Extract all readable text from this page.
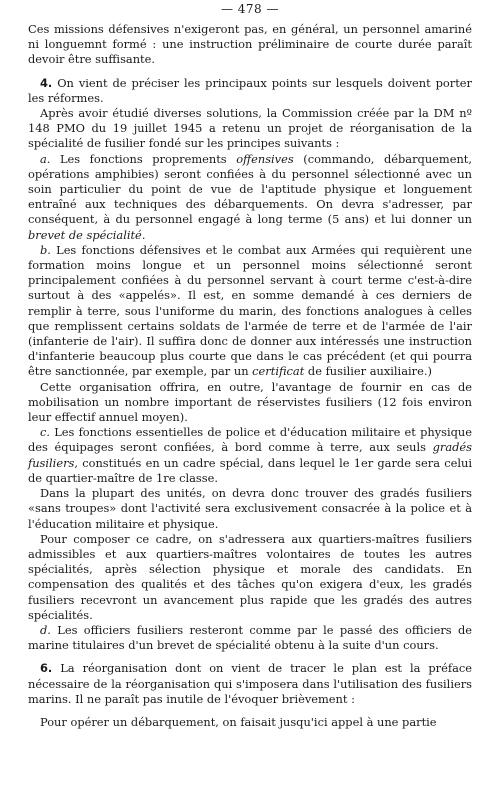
— 478 —

Ces missions défensives n'exigeront pas, en général, un personnel amariné ni longuemnt formé : une instruction préliminaire de courte durée paraît devoir être suffisante.

4. On vient de préciser les principaux points sur lesquels doivent porter les réformes.

Après avoir étudié diverses solutions, la Commission créée par la DM nº 148 PMO du 19 juillet 1945 a retenu un projet de réorganisation de la spécialité de fusilier fondé sur les principes suivants :

a. Les fonctions proprements offensives (commando, débarquement, opérations amphibies) seront confiées à du personnel sélectionné avec un soin particulier du point de vue de l'aptitude physique et longuement entraîné aux techniques des débarquements. On devra s'adresser, par conséquent, à du personnel engagé à long terme (5 ans) et lui donner un brevet de spécialité.

b. Les fonctions défensives et le combat aux Armées qui requièrent une formation moins longue et un personnel moins sélectionné seront principalement confiées à du personnel servant à court terme c'est-à-dire surtout à des «appelés». Il est, en somme demandé à ces derniers de remplir à terre, sous l'uniforme du marin, des fonctions analogues à celles que remplissent certains soldats de l'armée de terre et de l'armée de l'air (infanterie de l'air). Il suffira donc de donner aux intéressés une instruction d'infanterie beaucoup plus courte que dans le cas précédent (et qui pourra être sanctionnée, par exemple, par un certificat de fusilier auxiliaire.)

Cette organisation offrira, en outre, l'avantage de fournir en cas de mobilisation un nombre important de réservistes fusiliers (12 fois environ leur effectif annuel moyen).

c. Les fonctions essentielles de police et d'éducation militaire et physique des équipages seront confiées, à bord comme à terre, aux seuls gradés fusiliers, constitués en un cadre spécial, dans lequel le 1er garde sera celui de quartier-maître de 1re classe.

Dans la plupart des unités, on devra donc trouver des gradés fusiliers «sans troupes» dont l'activité sera exclusivement consacrée à la police et à l'éducation militaire et physique.

Pour composer ce cadre, on s'adressera aux quartiers-maîtres fusiliers admissibles et aux quartiers-maîtres volontaires de toutes les autres spécialités, après sélection physique et morale des candidats. En compensation des qualités et des tâches qu'on exigera d'eux, les gradés fusiliers recevront un avancement plus rapide que les gradés des autres spécialités.

d. Les officiers fusiliers resteront comme par le passé des officiers de marine titulaires d'un brevet de spécialité obtenu à la suite d'un cours.

6. La réorganisation dont on vient de tracer le plan est la préface nécessaire de la réorganisation qui s'imposera dans l'utilisation des fusiliers marins. Il ne paraît pas inutile de l'évoquer brièvement :

Pour opérer un débarquement, on faisait jusqu'ici appel à une partie
